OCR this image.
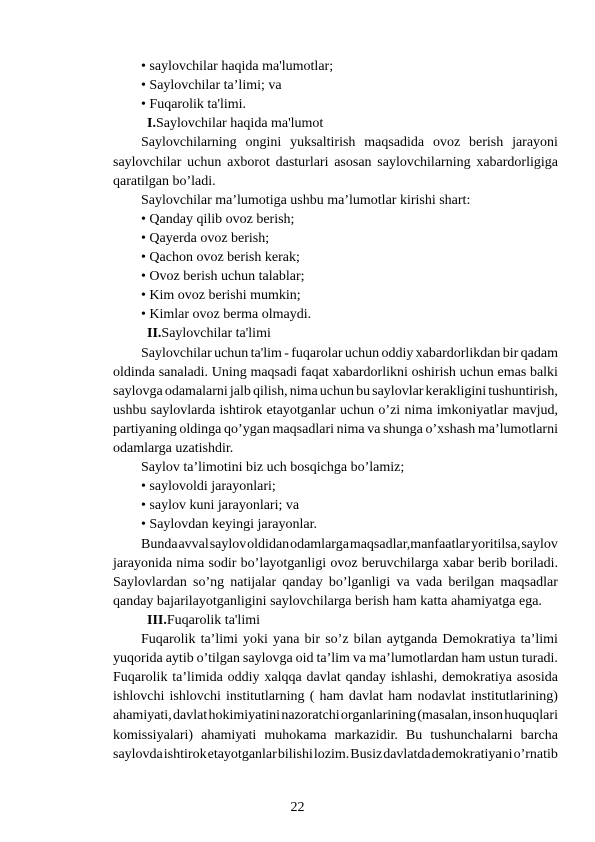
• saylovchilar haqida ma'lumotlar;
• Saylovchilar ta’limi; va
• Fuqarolik ta'limi.
I.Saylovchilar haqida ma'lumot
Saylovchilarning ongini yuksaltirish maqsadida ovoz berish jarayoni
saylovchilar uchun axborot dasturlari asosan saylovchilarning xabardorligiga
qaratilgan bo’ladi.
Saylovchilar ma’lumotiga ushbu ma’lumotlar kirishi shart:
• Qanday qilib ovoz berish;
• Qayerda ovoz berish;
• Qachon ovoz berish kerak;
• Ovoz berish uchun talablar;
• Kim ovoz berishi mumkin;
• Kimlar ovoz berma olmaydi.
II.Saylovchilar ta'limi
Saylovchilar uchun ta'lim - fuqarolar uchun oddiy xabardorlikdan bir qadam
oldinda sanaladi. Uning maqsadi faqat xabardorlikni oshirish uchun emas balki
saylovga odamalarni jalb qilish, nima uchun bu saylovlar kerakligini tushuntirish,
ushbu saylovlarda ishtirok etayotganlar uchun o’zi nima imkoniyatlar mavjud,
partiyaning oldinga qo’ygan maqsadlari nima va shunga o’xshash ma’lumotlarni
odamlarga uzatishdir.
Saylov ta’limotini biz uch bosqichga bo’lamiz;
• saylovoldi jarayonlari;
• saylov kuni jarayonlari; va
• Saylovdan keyingi jarayonlar.
Bunda avval saylov oldidan odamlarga maqsadlar,manfaatlar yoritilsa, saylov
jarayonida nima sodir bo’layotganligi ovoz beruvchilarga xabar berib boriladi.
Saylovlardan so’ng natijalar qanday bo’lganligi va vada berilgan maqsadlar
qanday bajarilayotganligini saylovchilarga berish ham katta ahamiyatga ega.
III.Fuqarolik ta'limi
Fuqarolik ta’limi yoki yana bir so’z bilan aytganda Demokratiya ta’limi
yuqorida aytib o’tilgan saylovga oid ta’lim va ma’lumotlardan ham ustun turadi.
Fuqarolik ta’limida oddiy xalqqa davlat qanday ishlashi, demokratiya asosida
ishlovchi ishlovchi institutlarning ( ham davlat ham nodavlat institutlarining)
ahamiyati, davlat hokimiyatini nazoratchi organlarining (masalan, inson huquqlari
komissiyalari) ahamiyati muhokama markazidir. Bu tushunchalarni barcha
saylovda ishtirok etayotganlar bilishi lozim. Busiz davlatda demokratiyani o’rnatib
22
